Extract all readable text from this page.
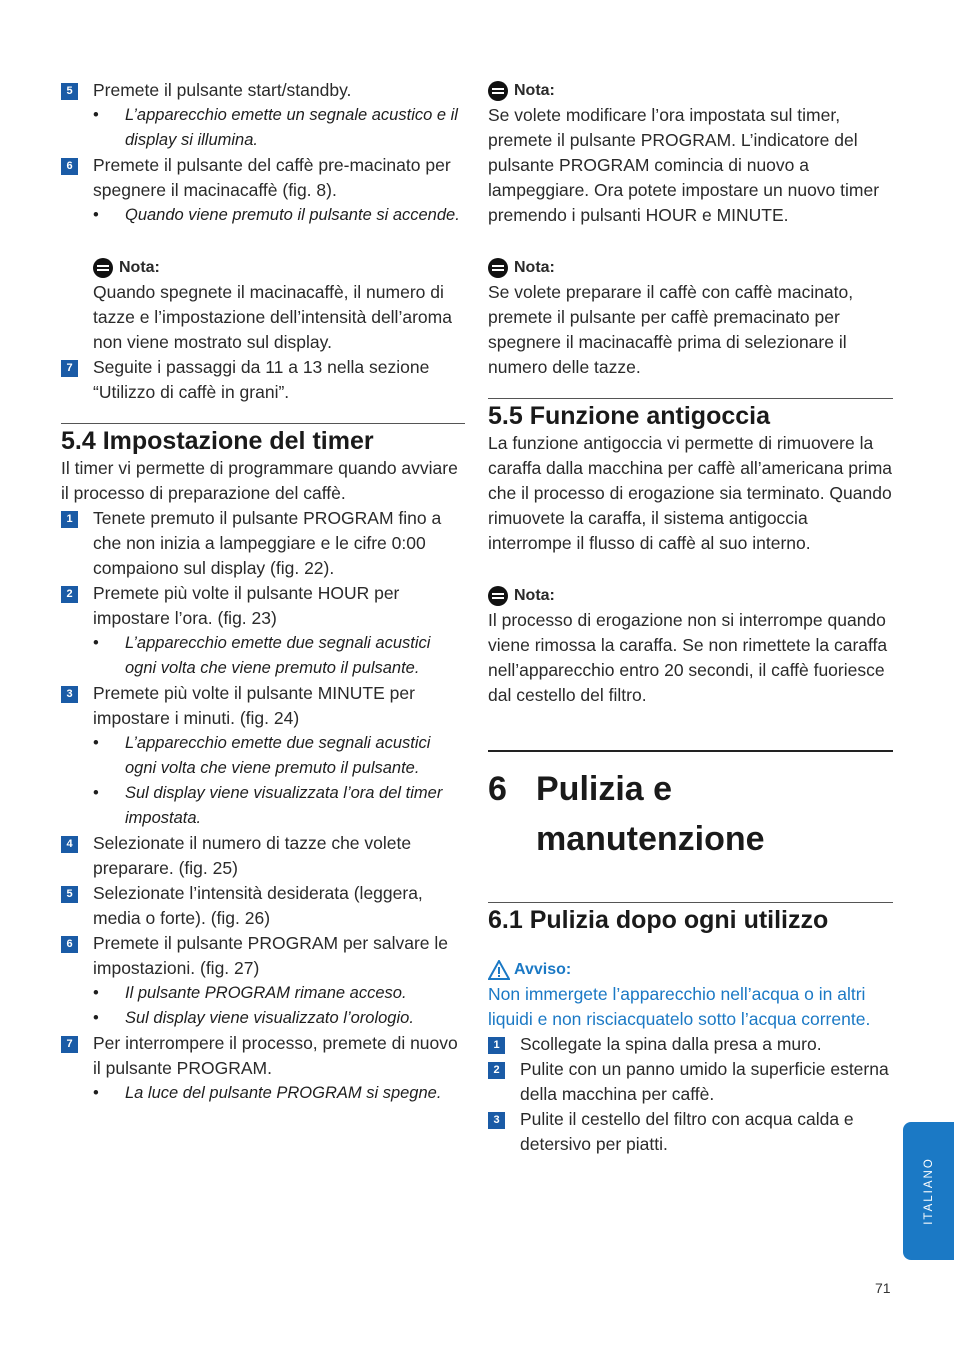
5	Premete il pulsante start/standby.
• L’apparecchio emette un segnale acustico e il display si illumina.
6	Premete il pulsante del caffè pre-macinato per spegnere il macinacaffè (fig. 8).
• Quando viene premuto il pulsante si accende.
Nota:

Quando spegnete il macinacaffè, il numero di tazze e l’impostazione dell’intensità dell’aroma non viene mostrato sul display.

7	Seguite i passaggi da 11 a 13 nella sezione “Utilizzo di caffè in grani”.
5.4 Impostazione del timer

Il timer vi permette di programmare quando avviare il processo di preparazione del caffè.

1	Tenete premuto il pulsante PROGRAM fino a che non inizia a lampeggiare e le cifre 0:00 compaiono sul display (fig. 22).
2	Premete più volte il pulsante HOUR per impostare l’ora. (fig. 23)
• L’apparecchio emette due segnali acustici ogni volta che viene premuto il pulsante.
3	Premete più volte il pulsante MINUTE per impostare i minuti. (fig. 24)
• L’apparecchio emette due segnali acustici ogni volta che viene premuto il pulsante.
• Sul display viene visualizzata l’ora del timer impostata.
4	Selezionate il numero di tazze che volete preparare. (fig. 25)
5	Selezionate l’intensità desiderata (leggera, media o forte). (fig. 26)
6	Premete il pulsante PROGRAM per salvare le impostazioni. (fig. 27)
• Il pulsante PROGRAM rimane acceso.
• Sul display viene visualizzato l’orologio.
7	Per interrompere il processo, premete di nuovo il pulsante PROGRAM.
• La luce del pulsante PROGRAM si spegne.
Nota:

Se volete modificare l’ora impostata sul timer, premete il pulsante PROGRAM. L’indicatore del pulsante PROGRAM comincia di nuovo a lampeggiare. Ora potete impostare un nuovo timer premendo i pulsanti HOUR e MINUTE.

Nota:

Se volete preparare il caffè con caffè macinato, premete il pulsante per caffè premacinato per spegnere il macinacaffè prima di selezionare il numero delle tazze.

5.5 Funzione antigoccia

La funzione antigoccia vi permette di rimuovere la caraffa dalla macchina per caffè all’americana prima che il processo di erogazione sia terminato. Quando rimuovete la caraffa, il sistema antigoccia interrompe il flusso di caffè al suo interno.

Nota:

Il processo di erogazione non si interrompe quando viene rimossa la caraffa. Se non rimettete la caraffa nell’apparecchio entro 20 secondi, il caffè fuoriesce dal cestello del filtro.

6 Pulizia e manutenzione
6.1 Pulizia dopo ogni utilizzo
Avviso:
Non immergete l’apparecchio nell’acqua o in altri liquidi e non risciacquatelo sotto l’acqua corrente.
1	Scollegate la spina dalla presa a muro.
2	Pulite con un panno umido la superficie esterna della macchina per caffè.
3	Pulite il cestello del filtro con acqua calda e detersivo per piatti.
ITALIANO
71
